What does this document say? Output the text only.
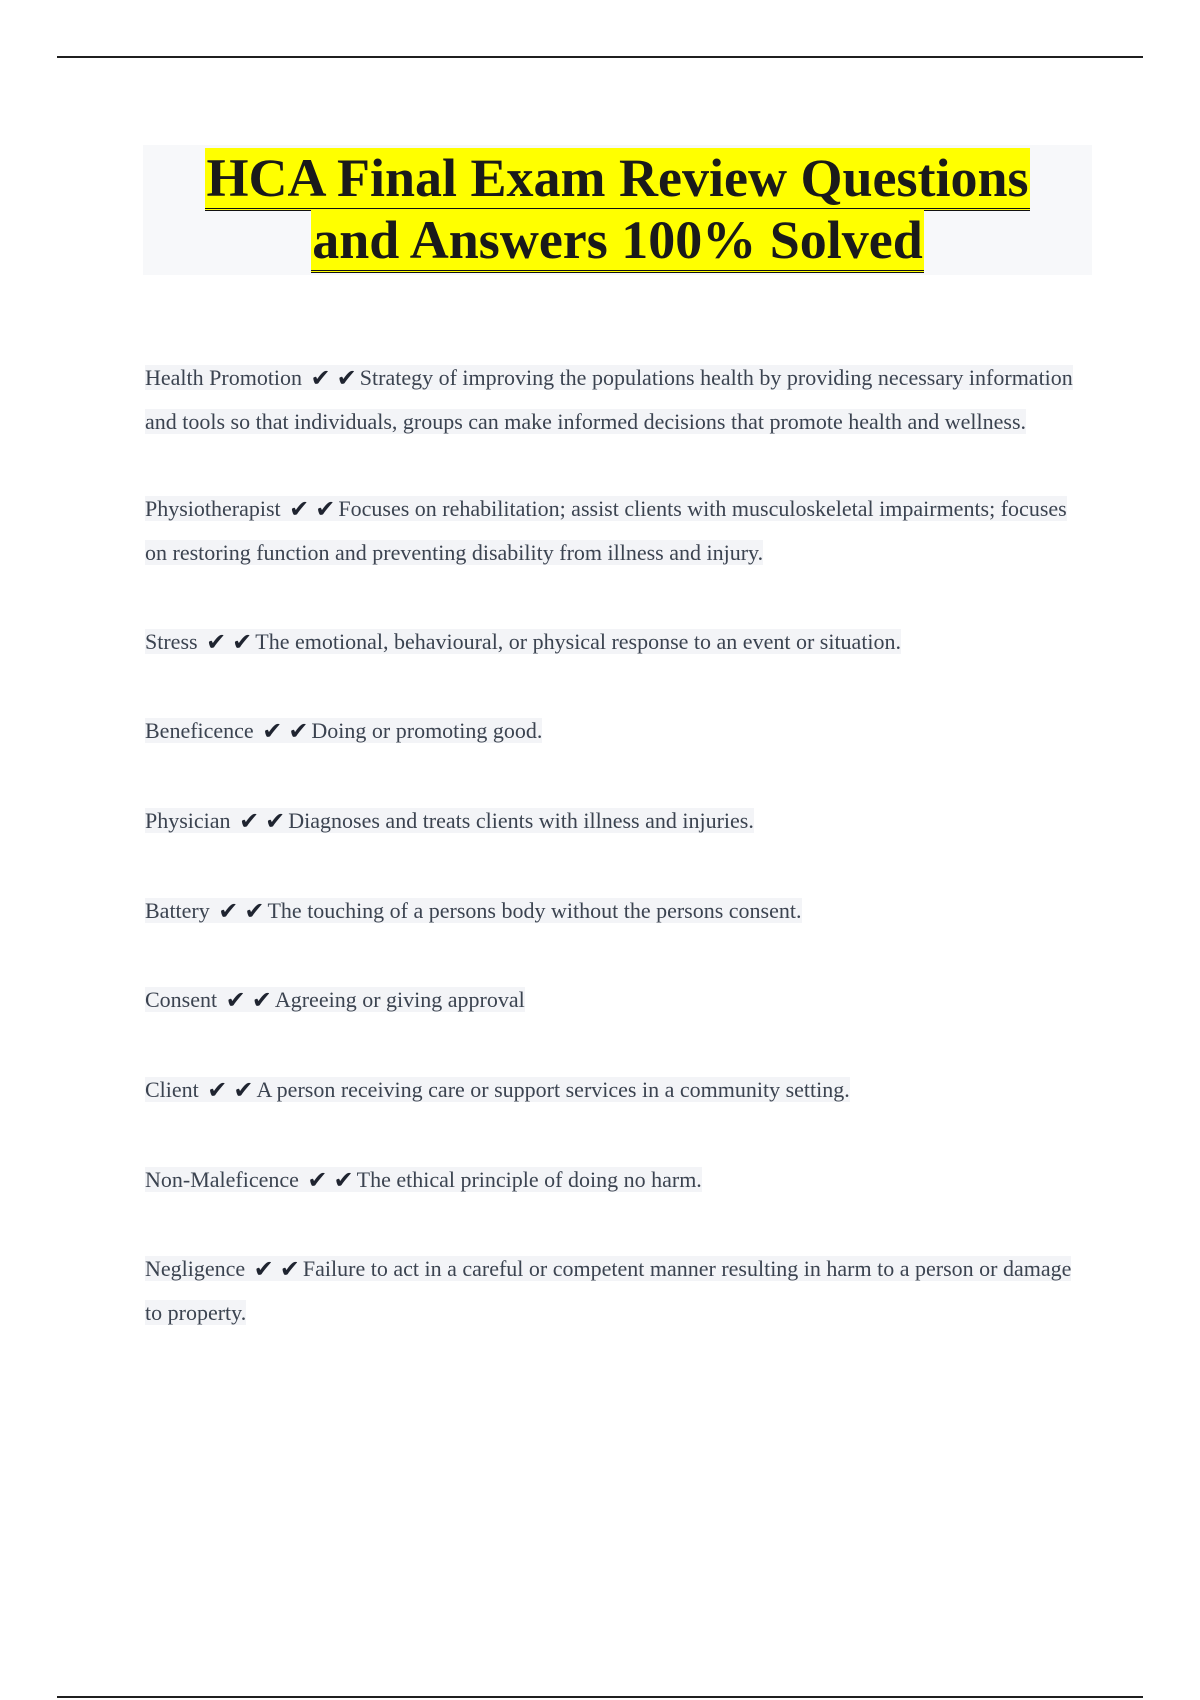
HCA Final Exam Review Questions
and Answers 100% Solved
Health Promotion ✔ ✔ Strategy of improving the populations health by providing necessary information and tools so that individuals, groups can make informed decisions that promote health and wellness.
Physiotherapist ✔ ✔ Focuses on rehabilitation; assist clients with musculoskeletal impairments; focuses on restoring function and preventing disability from illness and injury.
Stress ✔ ✔ The emotional, behavioural, or physical response to an event or situation.
Beneficence ✔ ✔ Doing or promoting good.
Physician ✔ ✔ Diagnoses and treats clients with illness and injuries.
Battery ✔ ✔ The touching of a persons body without the persons consent.
Consent ✔ ✔ Agreeing or giving approval
Client ✔ ✔ A person receiving care or support services in a community setting.
Non-Maleficence ✔ ✔ The ethical principle of doing no harm.
Negligence ✔ ✔ Failure to act in a careful or competent manner resulting in harm to a person or damage to property.
